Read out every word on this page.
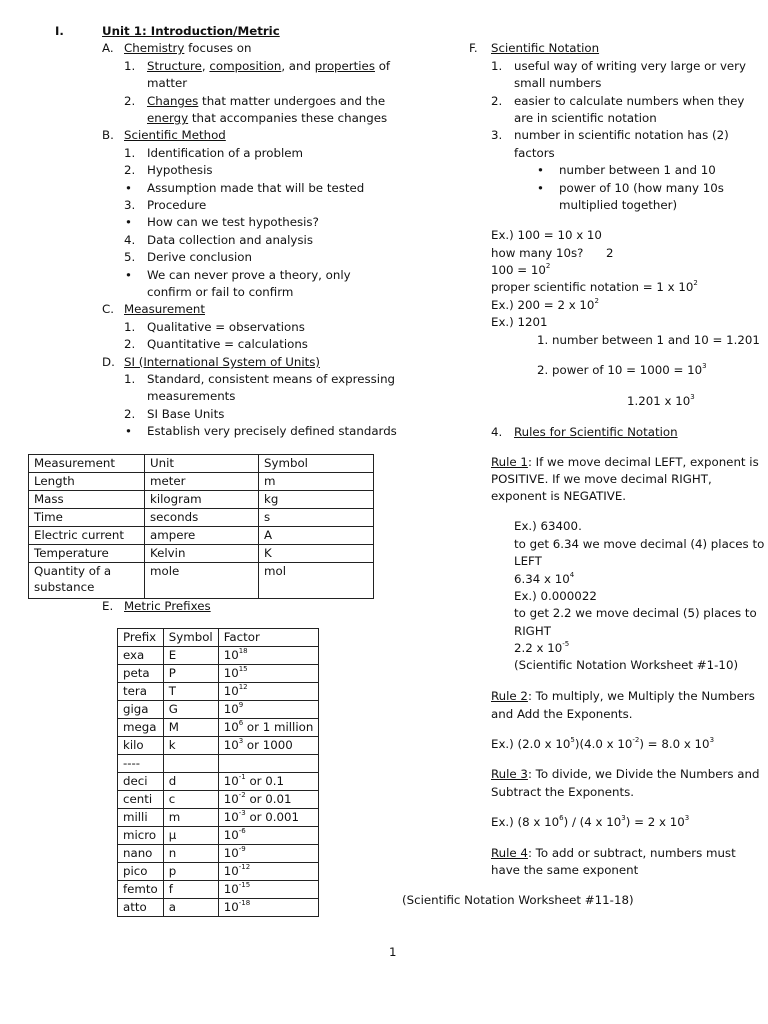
I.	Unit 1: Introduction/Metric
A. Chemistry focuses on
1. Structure, composition, and properties of
matter
2. Changes that matter undergoes and the
energy that accompanies these changes
B. Scientific Method
1. Identification of a problem
2. Hypothesis
• Assumption made that will be tested
3. Procedure
• How can we test hypothesis?
4. Data collection and analysis
5. Derive conclusion
• We can never prove a theory, only
confirm or fail to confirm
C. Measurement
1. Qualitative = observations
2. Quantitative = calculations
D. SI (International System of Units)
1. Standard, consistent means of expressing
measurements
2. SI Base Units
• Establish very precisely defined standards
Measurement	Unit	Symbol
Length	meter	m
Mass	kilogram	kg
Time	seconds	s
Electric current	ampere	A
Temperature	Kelvin	K
Quantity of a
substance	mole	mol
E. Metric Prefixes
Prefix	Symbol	Factor
exa	E	$10^{18}$
peta	P	$10^{15}$
tera	T	$10^{12}$
giga	G	$10^9$
mega	M	$10^6$ or 1 million
kilo	k	$10^3$ or 1000
----		
deci	d	$10^{-1}$ or 0.1
centi	c	$10^{-2}$ or 0.01
milli	m	$10^{-3}$ or 0.001
micro	µ	$10^{-6}$
nano	n	$10^{-9}$
pico	p	$10^{-12}$
femto	f	$10^{-15}$
atto	a	$10^{-18}$
F. Scientific Notation
1. useful way of writing very large or very
small numbers
2. easier to calculate numbers when they
are in scientific notation
3. number in scientific notation has (2)
factors
• number between 1 and 10
• power of 10 (how many 10s
multiplied together)
Ex.) 100 = 10 x 10
how many 10s? 2
$100 = 10^2$
proper scientific notation = 1 x $10^2$
Ex.) 200 = 2 x $10^2$
Ex.) 1201
1. number between 1 and 10 = 1.201
2. power of $10 = 1000 = 10^3$
1.201 x $10^3$
4. Rules for Scientific Notation
Rule 1: If we move decimal LEFT, exponent is
POSITIVE. If we move decimal RIGHT,
exponent is NEGATIVE.
Ex.) 63400.
to get 6.34 we move decimal (4) places to
LEFT
6.34 x $10^4$
Ex.) 0.000022
to get 2.2 we move decimal (5) places to
RIGHT
2.2 x $10^{-5}$
(Scientific Notation Worksheet #1-10)
Rule 2: To multiply, we Multiply the Numbers
and Add the Exponents.
Ex.) (2.0 x $10^5)(4.0$ x $10^{-2}) = 8.0$ x $10^3$
Rule 3: To divide, we Divide the Numbers and
Subtract the Exponents.
Ex.) (8 x $10^6) / (4$ x $10^3) = 2$ x $10^3$
Rule 4: To add or subtract, numbers must
have the same exponent
(Scientific Notation Worksheet #11-18)
1
